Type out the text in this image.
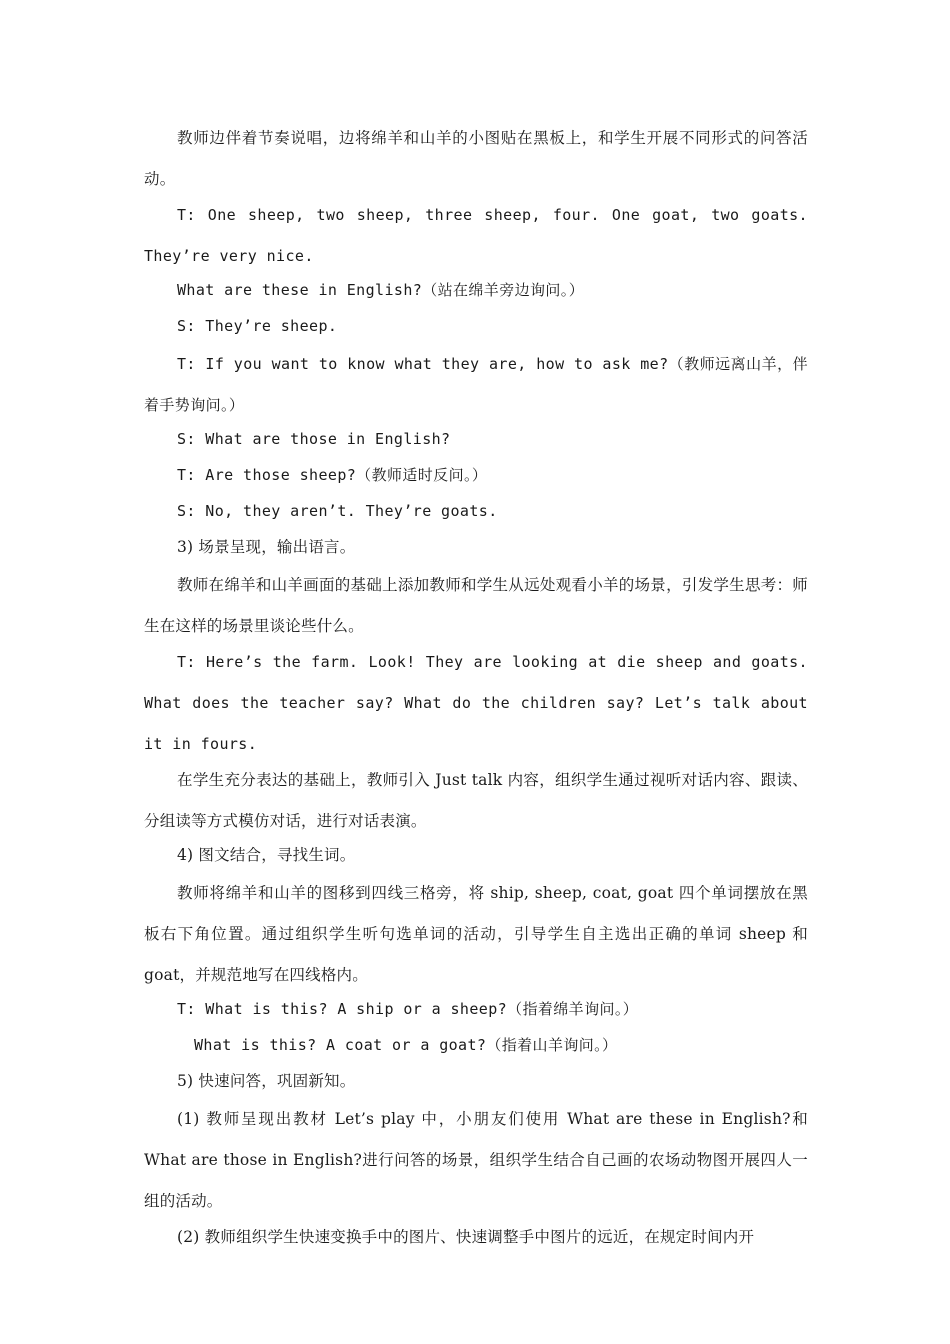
教师边伴着节奏说唱，边将绵羊和山羊的小图贴在黑板上，和学生开展不同形式的问答活动。

T: One sheep, two sheep, three sheep, four. One goat, two goats. They’re very nice.

What are these in English?（站在绵羊旁边询问。）

S: They’re sheep.

T: If you want to know what they are, how to ask me?（教师远离山羊，伴着手势询问。）

S: What are those in English?

T: Are those sheep?（教师适时反问。）

S: No, they aren’t. They’re goats.

3) 场景呈现，输出语言。

教师在绵羊和山羊画面的基础上添加教师和学生从远处观看小羊的场景，引发学生思考：师生在这样的场景里谈论些什么。

T: Here’s the farm. Look! They are looking at die sheep and goats. What does the teacher say? What do the children say? Let’s talk about it in fours.

在学生充分表达的基础上，教师引入 Just talk 内容，组织学生通过视听对话内容、跟读、分组读等方式模仿对话，进行对话表演。

4) 图文结合，寻找生词。

教师将绵羊和山羊的图移到四线三格旁，将 ship, sheep, coat, goat 四个单词摆放在黑板右下角位置。通过组织学生听句选单词的活动，引导学生自主选出正确的单词 sheep 和 goat，并规范地写在四线格内。

T: What is this? A ship or a sheep?（指着绵羊询问。）

What is this? A coat or a goat?（指着山羊询问。）

5) 快速问答，巩固新知。

(1) 教师呈现出教材 Let’s play 中，小朋友们使用 What are these in English?和 What are those in English?进行问答的场景，组织学生结合自己画的农场动物图开展四人一组的活动。

(2) 教师组织学生快速变换手中的图片、快速调整手中图片的远近，在规定时间内开
